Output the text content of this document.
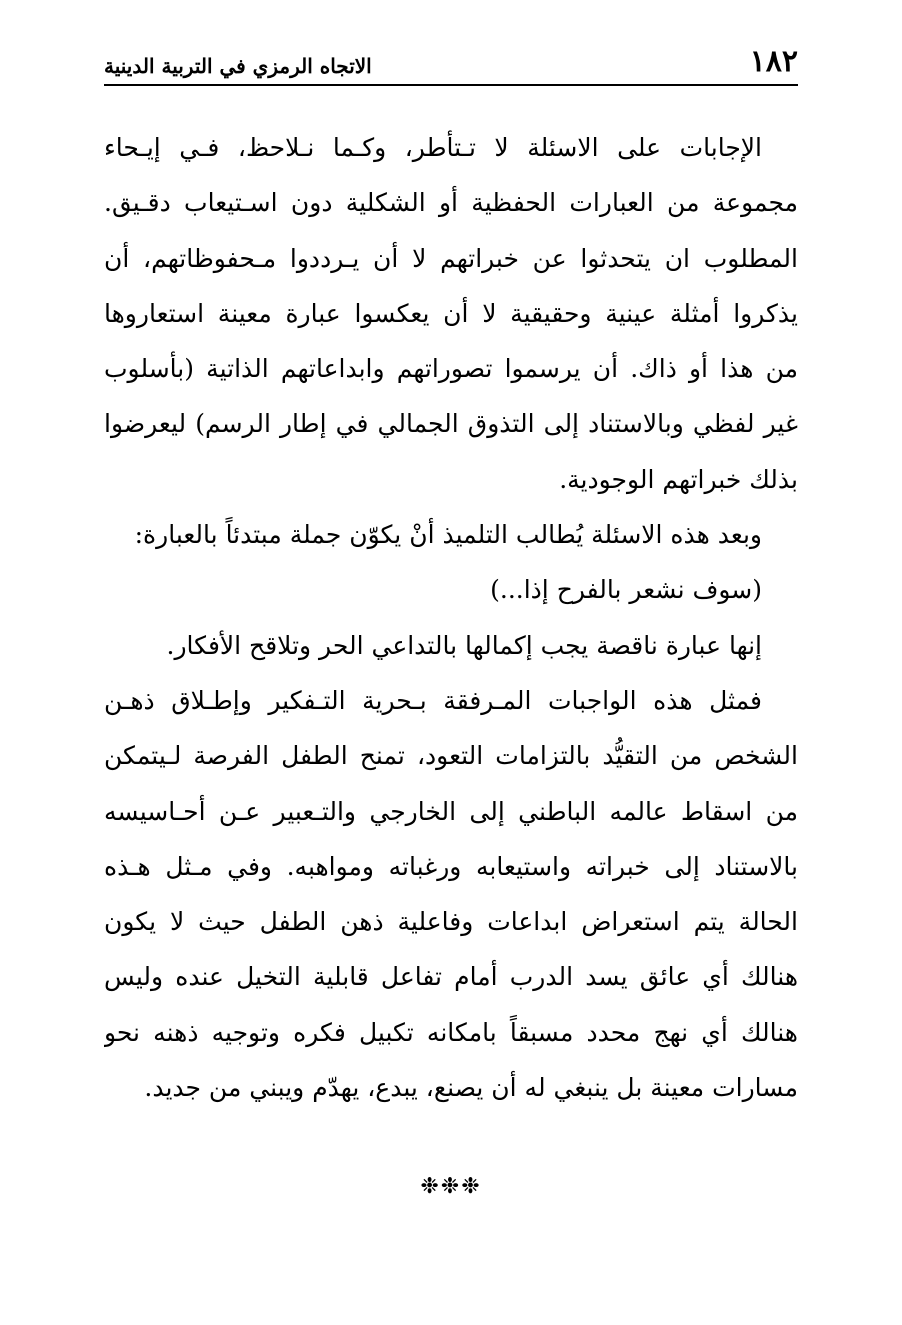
١٨٢
الاتجاه الرمزي في التربية الدينية
الإجابات على الاسئلة لا تـتأطر، وكـما نـلاحظ، فـي إيـحاء
مجموعة من العبارات الحفظية أو الشكلية دون اسـتيعاب دقـيق.
المطلوب ان يتحدثوا عن خبراتهم لا أن يـرددوا مـحفوظاتهم، أن
يذكروا أمثلة عينية وحقيقية لا أن يعكسوا عبارة معينة استعاروها
من هذا أو ذاك. أن يرسموا تصوراتهم وابداعاتهم الذاتية (بأسلوب
غير لفظي وبالاستناد إلى التذوق الجمالي في إطار الرسم) ليعرضوا
بذلك خبراتهم الوجودية.
وبعد هذه الاسئلة يُطالب التلميذ أنْ يكوّن جملة مبتدئاً بالعبارة:
(سوف نشعر بالفرح إذا...)
إنها عبارة ناقصة يجب إكمالها بالتداعي الحر وتلاقح الأفكار.
فمثل هذه الواجبات المـرفقة بـحرية التـفكير وإطـلاق ذهـن
الشخص من التقيُّد بالتزامات التعود، تمنح الطفل الفرصة لـيتمكن
من اسقاط عالمه الباطني إلى الخارجي والتـعبير عـن أحـاسيسه
بالاستناد إلى خبراته واستيعابه ورغباته ومواهبه. وفي مـثل هـذه
الحالة يتم استعراض ابداعات وفاعلية ذهن الطفل حيث لا يكون
هنالك أي عائق يسد الدرب أمام تفاعل قابلية التخيل عنده وليس
هنالك أي نهج محدد مسبقاً بامكانه تكبيل فكره وتوجيه ذهنه نحو
مسارات معينة بل ينبغي له أن يصنع، يبدع، يهدّم ويبني من جديد.
❉❉❉
